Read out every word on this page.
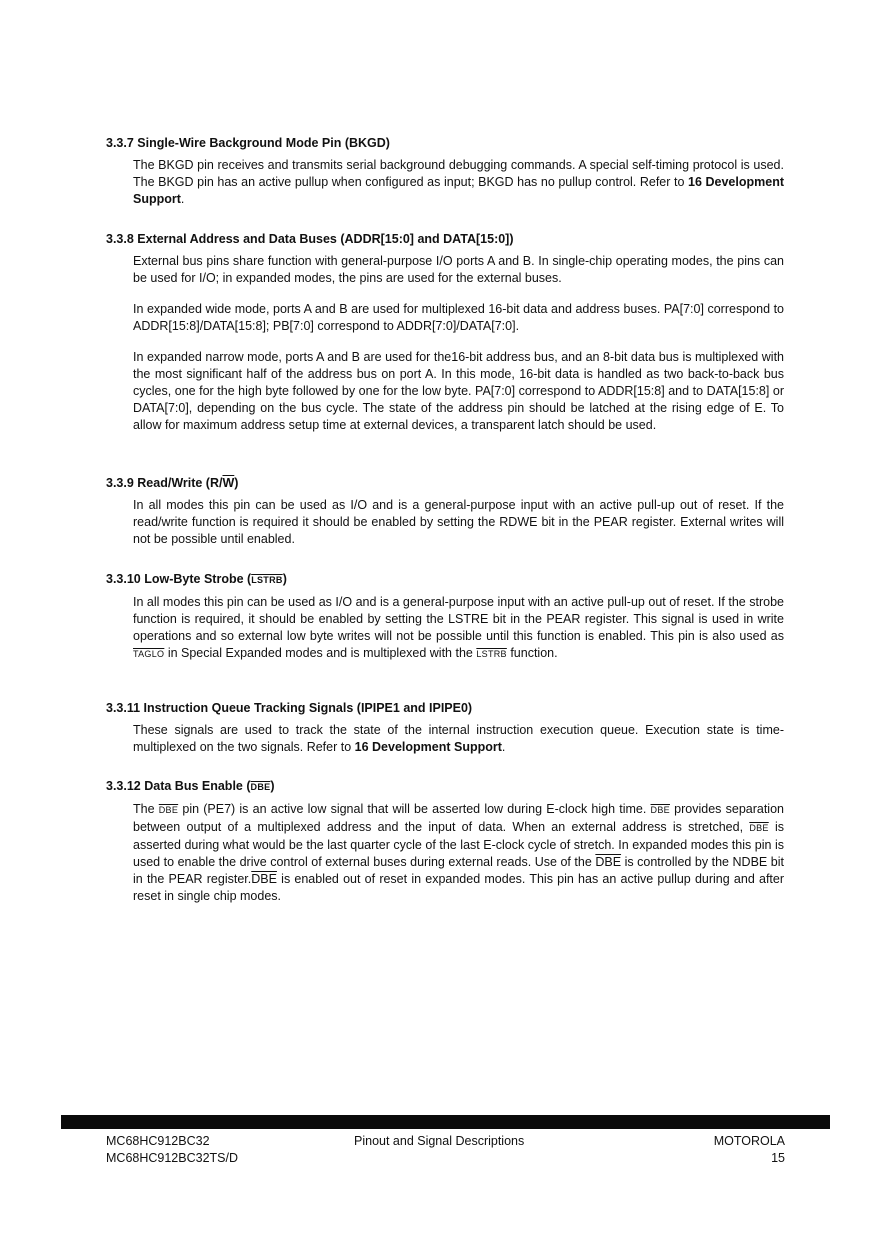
3.3.7 Single-Wire Background Mode Pin (BKGD)

The BKGD pin receives and transmits serial background debugging commands. A special self-timing protocol is used. The BKGD pin has an active pullup when configured as input; BKGD has no pullup control. Refer to 16 Development Support.

3.3.8 External Address and Data Buses (ADDR[15:0] and DATA[15:0])

External bus pins share function with general-purpose I/O ports A and B. In single-chip operating modes, the pins can be used for I/O; in expanded modes, the pins are used for the external buses.

In expanded wide mode, ports A and B are used for multiplexed 16-bit data and address buses. PA[7:0] correspond to ADDR[15:8]/DATA[15:8]; PB[7:0] correspond to ADDR[7:0]/DATA[7:0].

In expanded narrow mode, ports A and B are used for the16-bit address bus, and an 8-bit data bus is multiplexed with the most significant half of the address bus on port A. In this mode, 16-bit data is handled as two back-to-back bus cycles, one for the high byte followed by one for the low byte. PA[7:0] correspond to ADDR[15:8] and to DATA[15:8] or DATA[7:0], depending on the bus cycle. The state of the address pin should be latched at the rising edge of E. To allow for maximum address setup time at external devices, a transparent latch should be used.

3.3.9 Read/Write (R/W)

In all modes this pin can be used as I/O and is a general-purpose input with an active pull-up out of reset. If the read/write function is required it should be enabled by setting the RDWE bit in the PEAR register. External writes will not be possible until enabled.

3.3.10 Low-Byte Strobe (LSTRB)

In all modes this pin can be used as I/O and is a general-purpose input with an active pull-up out of reset. If the strobe function is required, it should be enabled by setting the LSTRE bit in the PEAR register. This signal is used in write operations and so external low byte writes will not be possible until this function is enabled. This pin is also used as TAGLO in Special Expanded modes and is multiplexed with the LSTRB function.

3.3.11 Instruction Queue Tracking Signals (IPIPE1 and IPIPE0)

These signals are used to track the state of the internal instruction execution queue. Execution state is time-multiplexed on the two signals. Refer to 16 Development Support.

3.3.12 Data Bus Enable (DBE)

The $\overline{DBE}$ pin (PE7) is an active low signal that will be asserted low during E-clock high time. $\overline{DBE}$ provides separation between output of a multiplexed address and the input of data. When an external address is stretched, $\overline{DBE}$ is asserted during what would be the last quarter cycle of the last E-clock cycle of stretch. In expanded modes this pin is used to enable the drive control of external buses during external reads. Use of the $\overline{DBE}$ is controlled by the NDBE bit in the PEAR $register.\overline{DBE}$ is enabled out of reset in expanded modes. This pin has an active pullup during and after reset in single chip modes.

MC68HC912BC32
MC68HC912BC32TS/D
Pinout and Signal Descriptions	MOTOROLA
15
